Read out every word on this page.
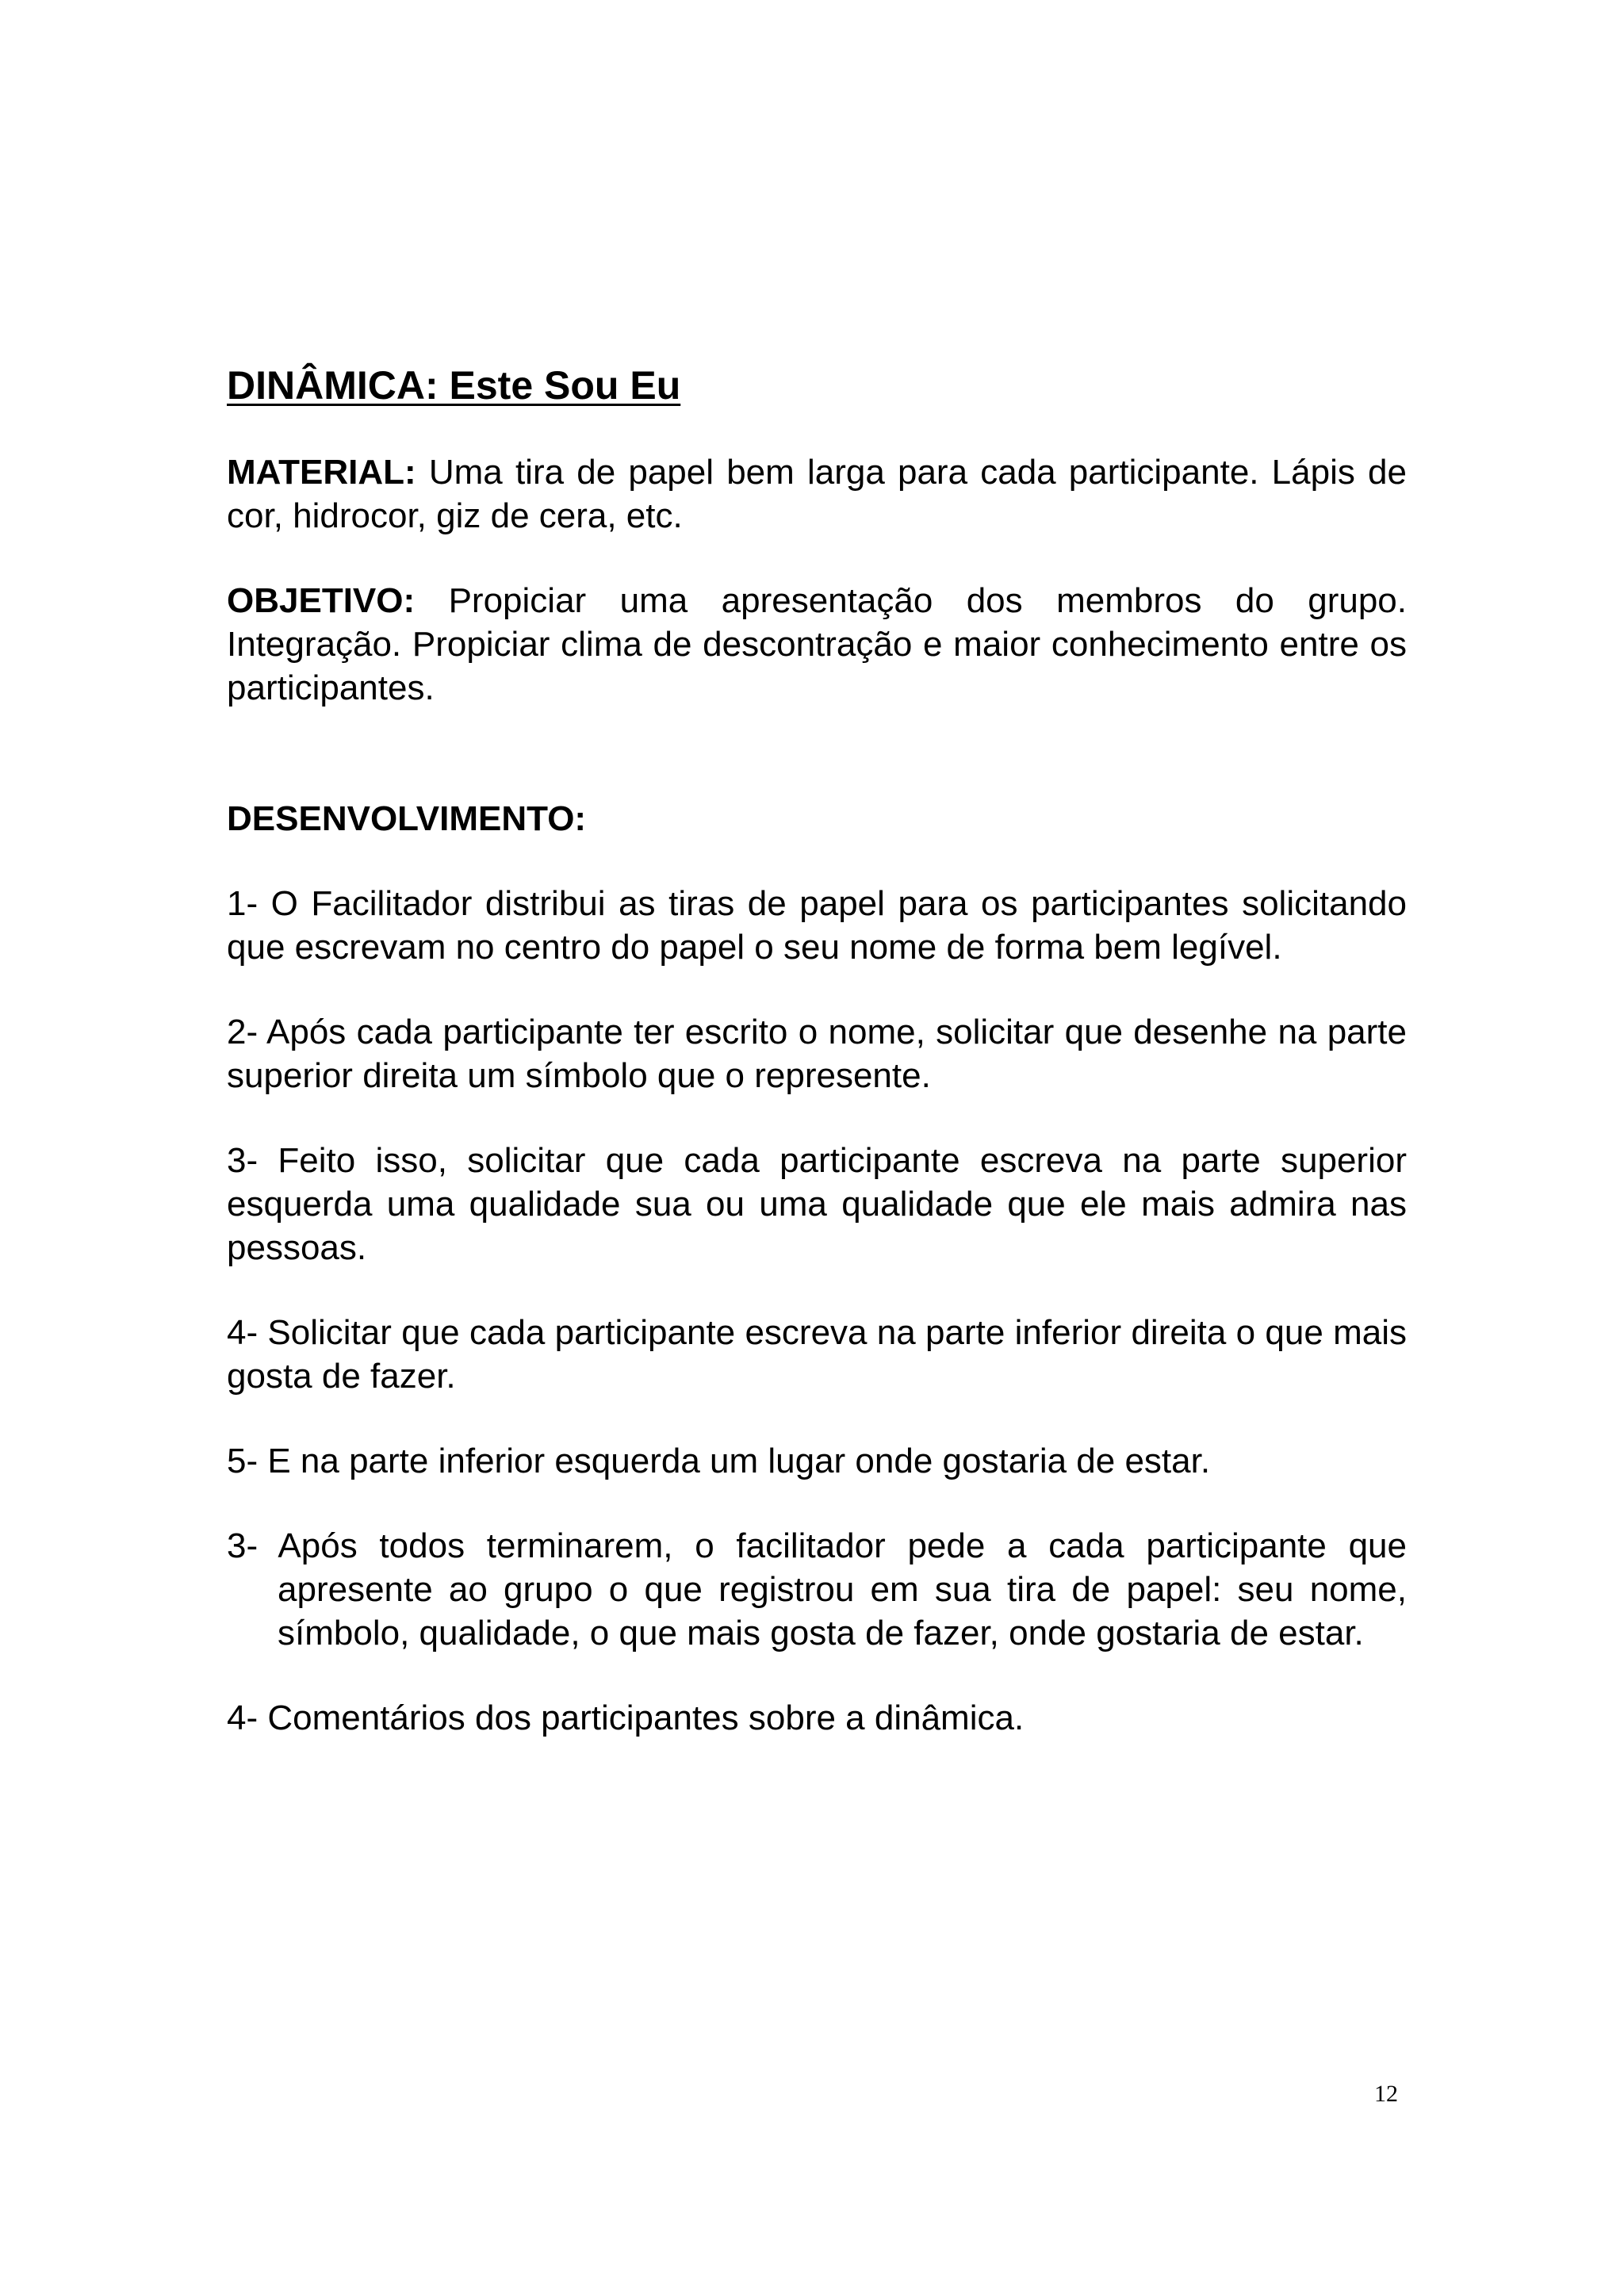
DINÂMICA: Este Sou Eu

MATERIAL: Uma tira de papel bem larga para cada participante. Lápis de cor, hidrocor, giz de cera, etc.

OBJETIVO: Propiciar uma apresentação dos membros do grupo. Integração. Propiciar clima de descontração e maior conhecimento entre os participantes.

DESENVOLVIMENTO:

1- O Facilitador distribui as tiras de papel para os participantes solicitando que escrevam no centro do papel o seu nome de forma bem legível.

2- Após cada participante ter escrito o nome, solicitar que desenhe na parte superior direita um símbolo que o represente.

3- Feito isso, solicitar que cada participante escreva na parte superior esquerda uma qualidade sua ou uma qualidade que ele mais admira nas pessoas.

4- Solicitar que cada participante escreva na parte inferior direita o que mais gosta de fazer.

5- E na parte inferior esquerda um lugar onde gostaria de estar.

3- Após todos terminarem, o facilitador pede a cada participante que apresente ao grupo o que registrou em sua tira de papel: seu nome, símbolo, qualidade, o que mais gosta de fazer, onde gostaria de estar.

4- Comentários dos participantes sobre a dinâmica.

12
